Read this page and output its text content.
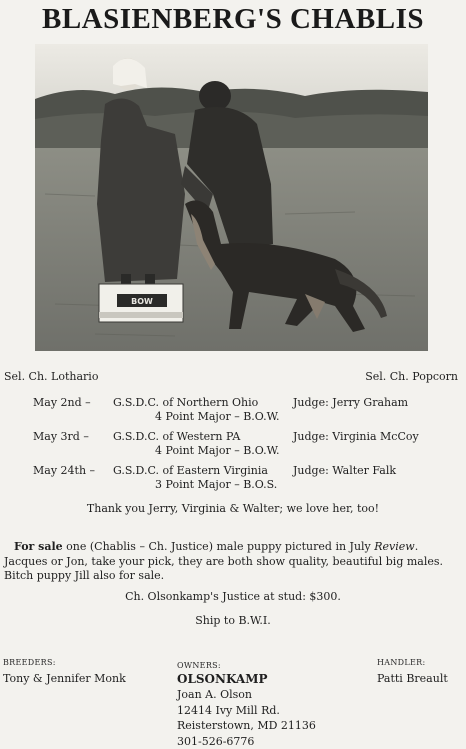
BLASIENBERG'S CHABLIS
BOW
Sel. Ch. Lothario	Sel. Ch. Popcorn
May 2nd –	G.S.D.C. of Northern Ohio	Judge: Jerry Graham
4 Point Major – B.O.W.
May 3rd –	G.S.D.C. of Western PA	Judge: Virginia McCoy
4 Point Major – B.O.W.
May 24th –	G.S.D.C. of Eastern Virginia	Judge: Walter Falk
3 Point Major – B.O.S.
Thank you Jerry, Virginia & Walter; we love her, too!
For sale one (Chablis – Ch. Justice) male puppy pictured in July Review. Jacques or Jon, take your pick, they are both show quality, beautiful big males. Bitch puppy Jill also for sale.
Ch. Olsonkamp's Justice at stud: $300.
Ship to B.W.I.
BREEDERS:
Tony & Jennifer Monk
OWNERS:
OLSONKAMP
Joan A. Olson
12414 Ivy Mill Rd.
Reisterstown, MD 21136
301-526-6776
HANDLER:
Patti Breault
